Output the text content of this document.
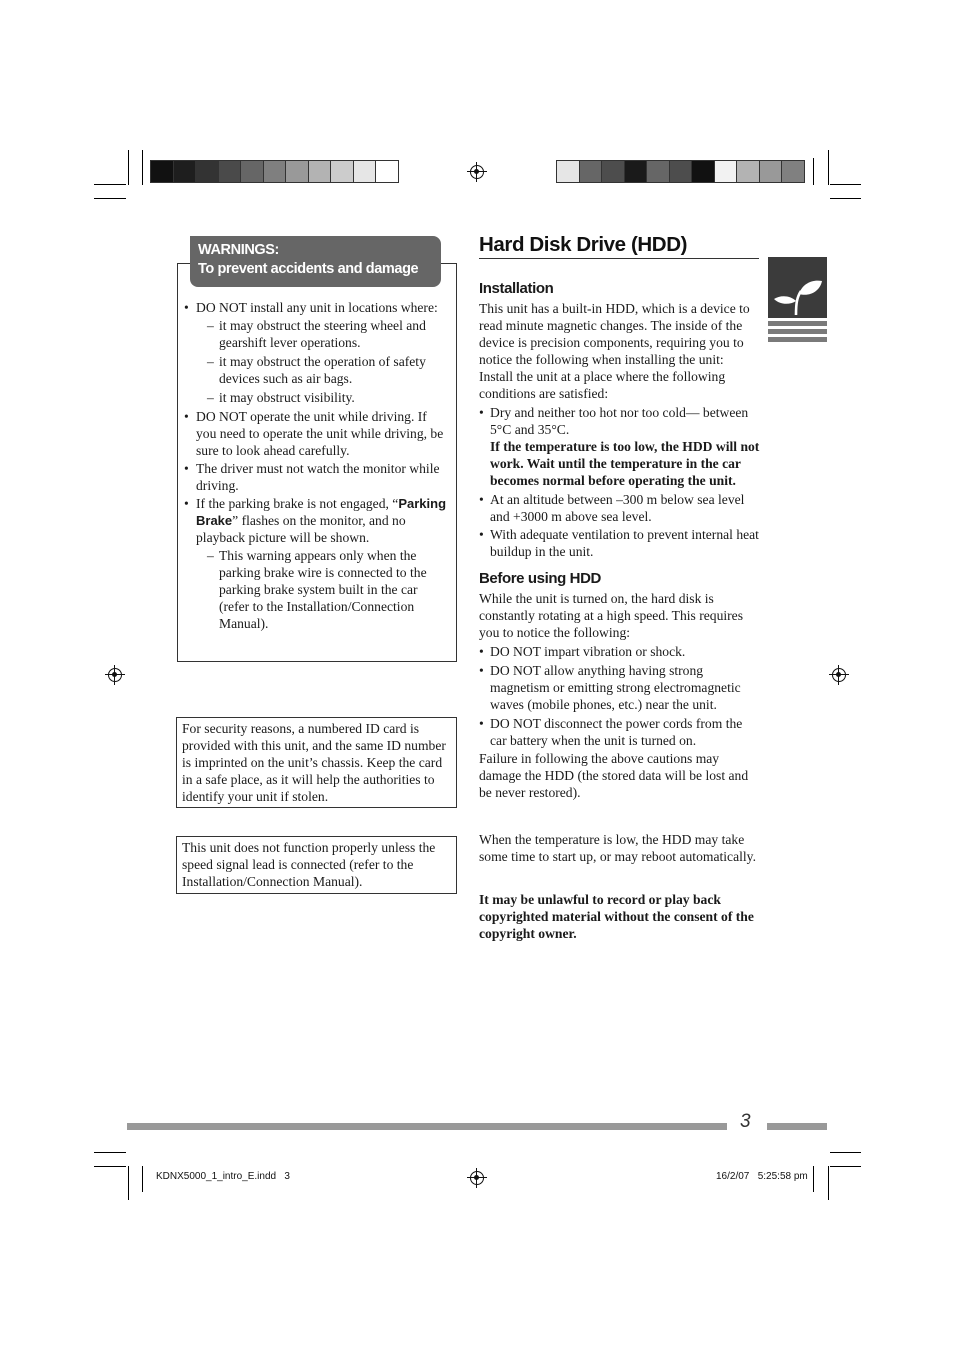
WARNINGS:
To prevent accidents and damage
• DO NOT install any unit in locations where:
– it may obstruct the steering wheel and gearshift lever operations.
– it may obstruct the operation of safety devices such as air bags.
– it may obstruct visibility.
• DO NOT operate the unit while driving. If you need to operate the unit while driving, be sure to look ahead carefully.
• The driver must not watch the monitor while driving.
• If the parking brake is not engaged, “Parking Brake” flashes on the monitor, and no playback picture will be shown.
– This warning appears only when the parking brake wire is connected to the parking brake system built in the car (refer to the Installation/Connection Manual).
For security reasons, a numbered ID card is provided with this unit, and the same ID number is imprinted on the unit’s chassis. Keep the card in a safe place, as it will help the authorities to identify your unit if stolen.
This unit does not function properly unless the speed signal lead is connected (refer to the Installation/Connection Manual).
Hard Disk Drive (HDD)
Installation
This unit has a built-in HDD, which is a device to read minute magnetic changes. The inside of the device is precision components, requiring you to notice the following when installing the unit:
Install the unit at a place where the following conditions are satisfied:
• Dry and neither too hot nor too cold— between 5°C and 35°C.
If the temperature is too low, the HDD will not work. Wait until the temperature in the car becomes normal before operating the unit.
• At an altitude between –300 m below sea level and +3000 m above sea level.
• With adequate ventilation to prevent internal heat buildup in the unit.
Before using HDD
While the unit is turned on, the hard disk is constantly rotating at a high speed. This requires you to notice the following:
• DO NOT impart vibration or shock.
• DO NOT allow anything having strong magnetism or emitting strong electromagnetic waves (mobile phones, etc.) near the unit.
• DO NOT disconnect the power cords from the car battery when the unit is turned on.
Failure in following the above cautions may damage the HDD (the stored data will be lost and be never restored).
When the temperature is low, the HDD may take some time to start up, or may reboot automatically.
It may be unlawful to record or play back copyrighted material without the consent of the copyright owner.
3
KDNX5000_1_intro_E.indd   3	16/2/07   5:25:58 pm
